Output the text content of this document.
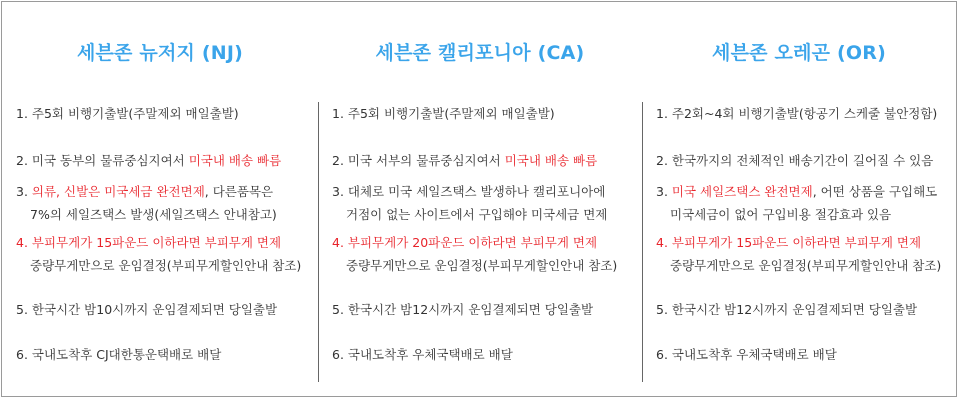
세븐존 뉴저지 (NJ)
1. 주5회 비행기출발(주말제외 매일출발)
2. 미국 동부의 물류중심지여서 미국내 배송 빠름
3. 의류, 신발은 미국세금 완전면제, 다른품목은
7%의 세일즈택스 발생(세일즈택스 안내참고)
4. 부피무게가 15파운드 이하라면 부피무게 면제
중량무게만으로 운임결정(부피무게할인안내 참조)
5. 한국시간 밤10시까지 운임결제되면 당일출발
6. 국내도착후 CJ대한통운택배로 배달
세븐존 캘리포니아 (CA)
1. 주5회 비행기출발(주말제외 매일출발)
2. 미국 서부의 물류중심지여서 미국내 배송 빠름
3. 대체로 미국 세일즈택스 발생하나 캘리포니아에
거점이 없는 사이트에서 구입해야 미국세금 면제
4. 부피무게가 20파운드 이하라면 부피무게 면제
중량무게만으로 운임결정(부피무게할인안내 참조)
5. 한국시간 밤12시까지 운임결제되면 당일출발
6. 국내도착후 우체국택배로 배달
세븐존 오레곤 (OR)
1. 주2회~4회 비행기출발(항공기 스케줄 불안정함)
2. 한국까지의 전체적인 배송기간이 길어질 수 있음
3. 미국 세일즈택스 완전면제, 어떤 상품을 구입해도
미국세금이 없어 구입비용 절감효과 있음
4. 부피무게가 15파운드 이하라면 부피무게 면제
중량무게만으로 운임결정(부피무게할인안내 참조)
5. 한국시간 밤12시까지 운임결제되면 당일출발
6. 국내도착후 우체국택배로 배달
